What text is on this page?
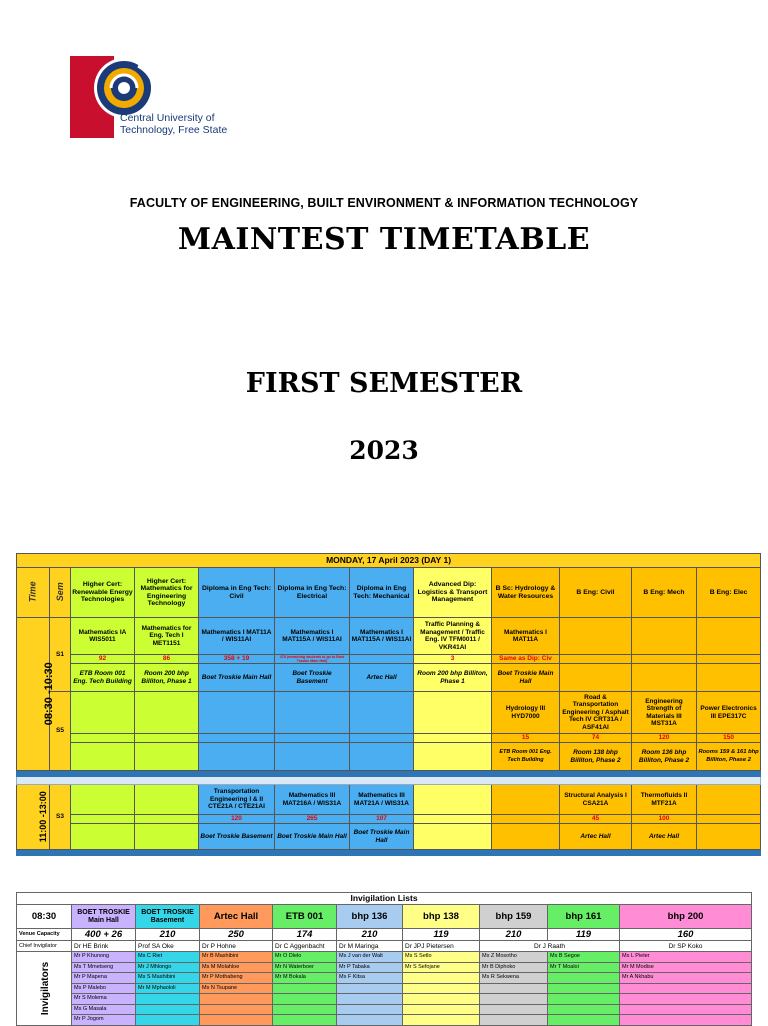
Central University of
Technology, Free State
FACULTY OF ENGINEERING, BUILT ENVIRONMENT & INFORMATION TECHNOLOGY
MAINTEST TIMETABLE
FIRST SEMESTER
2023
MONDAY, 17 April 2023 (DAY 1)											
Time	Sem	Higher Cert: Renewable Energy Technologies	Higher Cert: Mathematics for Engineering Technology	Diploma in Eng Tech: Civil	Diploma in Eng Tech: Electrical	Diploma in Eng Tech: Mechanical	Advanced Dip: Logistics & Transport Management	B Sc: Hydrology & Water Resources	B Eng: Civil	B Eng: Mech	B Eng: Elec
08:30 -10:30	S1	Mathematics IA WIS5011	Mathematics for Eng. Tech I MET1151	Mathematics I MAT11A / WIS11AI	Mathematics I MAT115A / WIS11AI	Mathematics I MAT115A / WIS11AI	Traffic Planning & Management / Traffic Eng. IV TFM0011 / VKR41AI	Mathematics I MAT11A			
		92	86	358 + 19	478 (remaining students to go to Boet Troskie Main Hall)		3	Same as Dip: Civ			
		ETB Room 001 Eng. Tech Building	Room 200 bhp Billiton, Phase 1	Boet Troskie Main Hall	Boet Troskie Basement	Artec Hall	Room 200 bhp Billiton, Phase 1	Boet Troskie Main Hall			
	S5							Hydrology III HYD7000	Road & Transportation Engineering / Asphalt Tech IV CRT31A / ASF41AI	Engineering Strength of Materials III MST31A	Power Electronics III EPE317C
								15	74	120	150
								ETB Room 001 Eng. Tech Building	Room 138 bhp Billiton, Phase 2	Room 136 bhp Billiton, Phase 2	Rooms 159 & 161 bhp Billiton, Phase 2

11:00 -13:00	S3			Transportation Engineering I & II CTE21A / CTE21AI	Mathematics III MAT216A / WIS31A	Mathematics III MAT21A / WIS31A			Structural Analysis I CSA21A	Thermofluids II MTF21A	
				120	265	107			45	100	
				Boet Troskie Basement	Boet Troskie Main Hall	Boet Troskie Main Hall			Artec Hall	Artec Hall	

Invigilation Lists									
08:30	BOET TROSKIE Main Hall	BOET TROSKIE Basement	Artec Hall	ETB 001	bhp 136	bhp 138	bhp 159	bhp 161	bhp 200
Venue Capacity	400 + 26	210	250	174	210	119	210	119	160
Chief Invigilator	Dr HE Brink	Prof SA Oke	Dr P Hohne	Dr C Aggenbacht	Dr M Maringa	Dr JPJ Pietersen	Dr J Raath		Dr SP Koko
Invigilators	Mr P Khunong	Ms C Riet	Mr B Mashibini	Mr O Dlelo	Ms J van der Walt	Ms S Setlo	Ms Z Mosotho	Ms B Segoe	Ms L Pieter
	Ms T Mmetseng	Mr J Mhlongo	Ms M Molahloe	Mr N Waterboer	Mr P Tabaka	Mr S Sefojane	Mr B Diphoko	Mr T Moaloi	Mr M Modise
	Mr P Mapena	Ms S Mashibini	Mr P Mothabeng	Mr M Bokala	Ms F Kitsa		Ms R Sekwena		Mr A Nkhabu
	Ms P Malebo	Mr M Mphaololi	Ms N Tsupane						
	Mr S Molema								
	Ms G Masala								
	Mr P Jogom								
